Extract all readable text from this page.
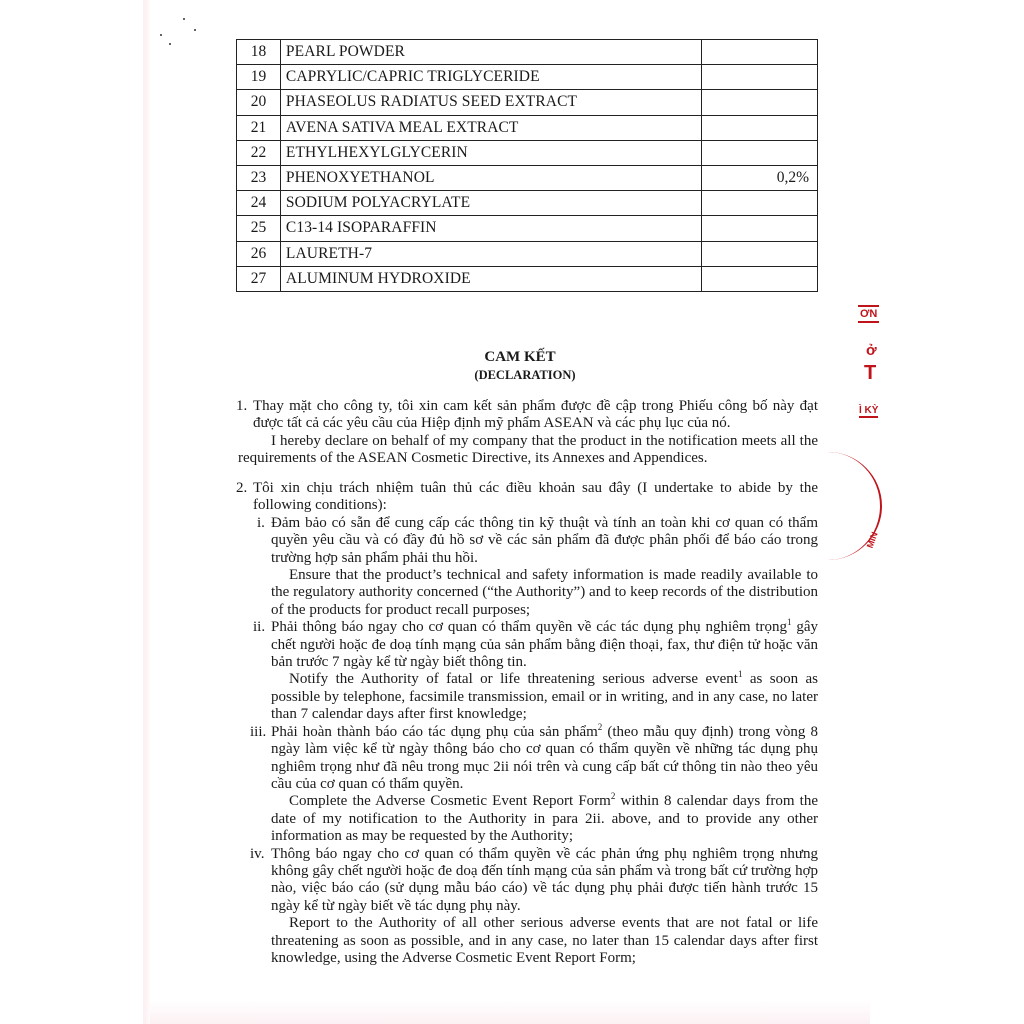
18	PEARL POWDER	
19	CAPRYLIC/CAPRIC TRIGLYCERIDE	
20	PHASEOLUS RADIATUS SEED EXTRACT	
21	AVENA SATIVA MEAL EXTRACT	
22	ETHYLHEXYLGLYCERIN	
23	PHENOXYETHANOL	0,2%
24	SODIUM POLYACRYLATE	
25	C13-14 ISOPARAFFIN	
26	LAURETH-7	
27	ALUMINUM HYDROXIDE	
CAM KẾT
(DECLARATION)
1. Thay mặt cho công ty, tôi xin cam kết sản phẩm được đề cập trong Phiếu công bố này đạt được tất cả các yêu cầu của Hiệp định mỹ phẩm ASEAN và các phụ lục của nó.
I hereby declare on behalf of my company that the product in the notification meets all the requirements of the ASEAN Cosmetic Directive, its Annexes and Appendices.
2. Tôi xin chịu trách nhiệm tuân thủ các điều khoản sau đây (I undertake to abide by the following conditions):
i. Đảm bảo có sẵn để cung cấp các thông tin kỹ thuật và tính an toàn khi cơ quan có thẩm quyền yêu cầu và có đầy đủ hồ sơ về các sản phẩm đã được phân phối để báo cáo trong trường hợp sản phẩm phải thu hồi.
Ensure that the product’s technical and safety information is made readily available to the regulatory authority concerned (“the Authority”) and to keep records of the distribution of the products for product recall purposes;
ii. Phải thông báo ngay cho cơ quan có thẩm quyền về các tác dụng phụ nghiêm trọng$^1$ gây chết người hoặc đe doạ tính mạng của sản phẩm bằng điện thoại, fax, thư điện tử hoặc văn bản trước 7 ngày kể từ ngày biết thông tin.
Notify the Authority of fatal or life threatening serious adverse event$^1$ as soon as possible by telephone, facsimile transmission, email or in writing, and in any case, no later than 7 calendar days after first knowledge;
iii. Phải hoàn thành báo cáo tác dụng phụ của sản phẩm$^2$ (theo mẫu quy định) trong vòng 8 ngày làm việc kể từ ngày thông báo cho cơ quan có thẩm quyền về những tác dụng phụ nghiêm trọng như đã nêu trong mục 2ii nói trên và cung cấp bất cứ thông tin nào theo yêu cầu của cơ quan có thẩm quyền.
Complete the Adverse Cosmetic Event Report Form$^2$ within 8 calendar days from the date of my notification to the Authority in para 2ii. above, and to provide any other information as may be requested by the Authority;
iv. Thông báo ngay cho cơ quan có thẩm quyền về các phản ứng phụ nghiêm trọng nhưng không gây chết người hoặc đe doạ đến tính mạng của sản phẩm và trong bất cứ trường hợp nào, việc báo cáo (sử dụng mẫu báo cáo) về tác dụng phụ phải được tiến hành trước 15 ngày kể từ ngày biết về tác dụng phụ này.
Report to the Authority of all other serious adverse events that are not fatal or life threatening as soon as possible, and in any case, no later than 15 calendar days after first knowledge, using the Adverse Cosmetic Event Report Form;
ƠN
ở
T
Ì KỲ
MIN
